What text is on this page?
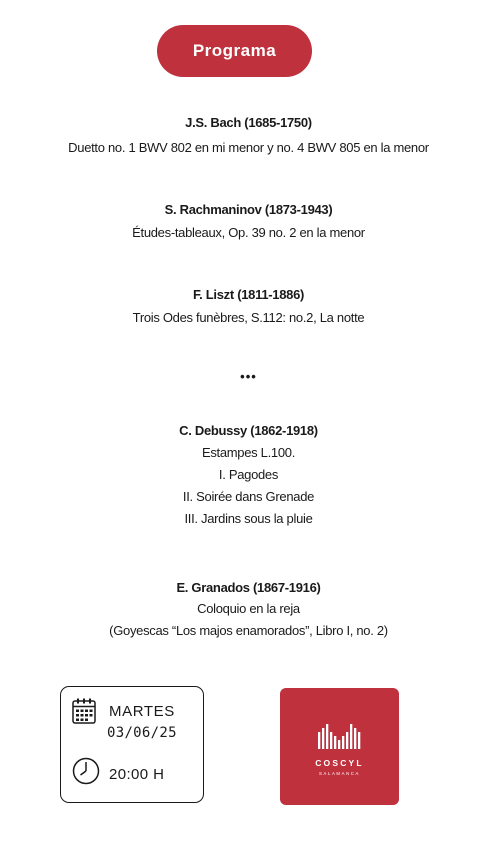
Programa
J.S. Bach (1685-1750)
Duetto no. 1 BWV 802 en mi menor y no. 4 BWV 805 en la menor
S. Rachmaninov (1873-1943)
Études-tableaux, Op. 39 no. 2 en la menor
F. Liszt (1811-1886)
Trois Odes funèbres, S.112: no.2, La notte
•••
C. Debussy (1862-1918)
Estampes L.100.
I. Pagodes
II. Soirée dans Grenade
III. Jardins sous la pluie
E. Granados (1867-1916)
Coloquio en la reja
(Goyescas “Los majos enamorados”, Libro I, no. 2)
MARTES
03/06/25
20:00 H
COSCYL
SALAMANCA
